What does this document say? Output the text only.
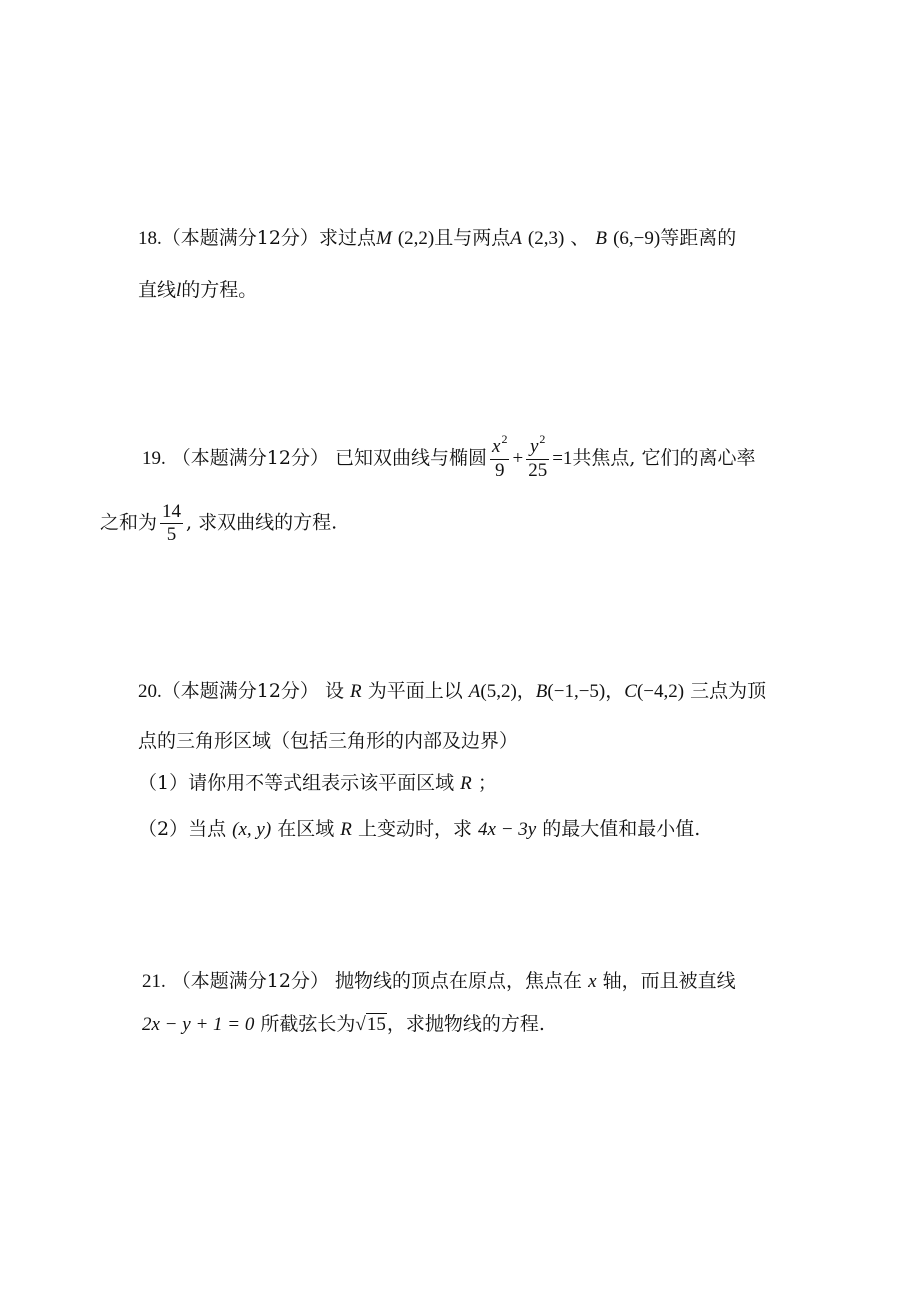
18.（本题满分12分）求过点M (2,2)且与两点A (2,3) 、 B (6,−9)等距离的
直线l的方程。
19. （本题满分12分） 已知双曲线与椭圆 $\frac{x^2}{9} + \frac{y^2}{25} =1$共焦点, 它们的离心率
之和为 $\frac{14}{5}$ , 求双曲线的方程.
20.（本题满分12分） 设 R 为平面上以 A(5,2)，B(−1,−5)，C(−4,2) 三点为顶
点的三角形区域（包括三角形的内部及边界）
（1）请你用不等式组表示该平面区域 R ；
（2）当点 (x, y) 在区域 R 上变动时，求 4x − 3y 的最大值和最小值.
21. （本题满分12分） 抛物线的顶点在原点，焦点在 x 轴，而且被直线
2x − y + 1 = 0 所截弦长为√15，求抛物线的方程.
